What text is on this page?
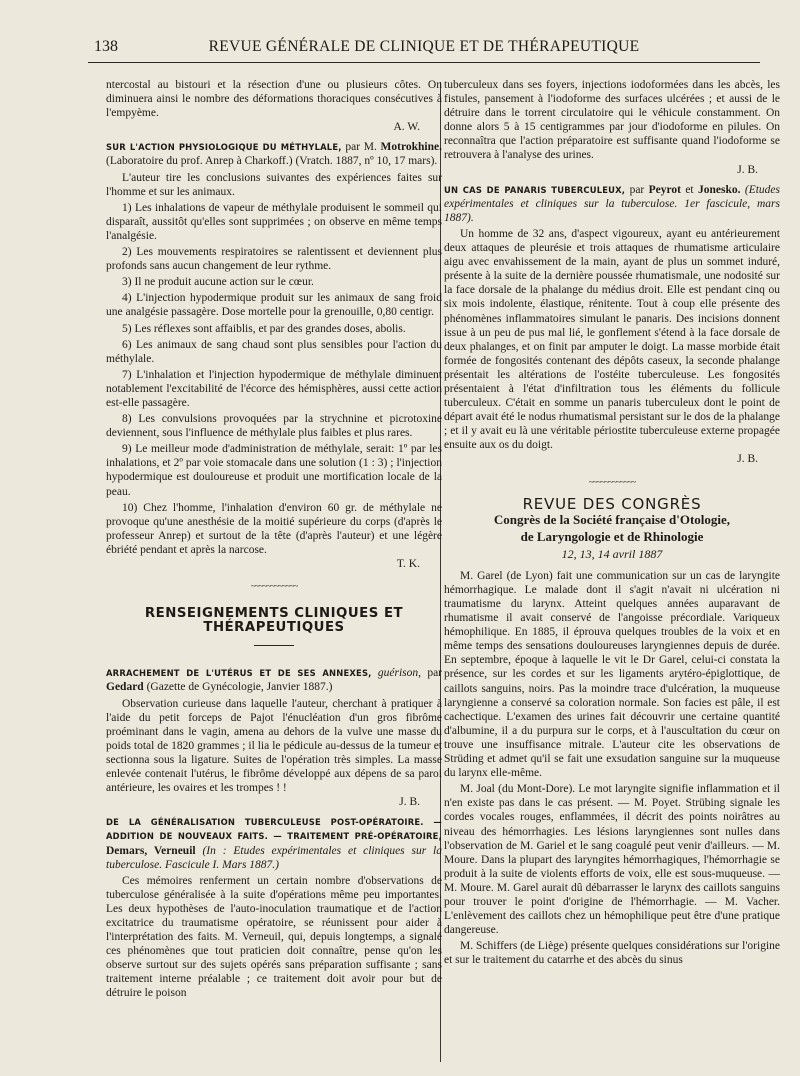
138	REVUE GÉNÉRALE DE CLINIQUE ET DE THÉRAPEUTIQUE

ntercostal au bistouri et la résection d'une ou plusieurs côtes. On diminuera ainsi le nombre des déformations thoraciques consécutives à l'empyème.
A. W.

SUR L'ACTION PHYSIOLOGIQUE DU MÉTHYLALE, par M. Motrokhine. (Laboratoire du prof. Anrep à Charkoff.) (Vratch. 1887, nº 10, 17 mars).

L'auteur tire les conclusions suivantes des expériences faites sur l'homme et sur les animaux.

1) Les inhalations de vapeur de méthylale produisent le sommeil qui disparaît, aussitôt qu'elles sont supprimées ; on observe en même temps l'analgésie.

2) Les mouvements respiratoires se ralentissent et deviennent plus profonds sans aucun changement de leur rythme.

3) Il ne produit aucune action sur le cœur.

4) L'injection hypodermique produit sur les animaux de sang froid une analgésie passagère. Dose mortelle pour la grenouille, 0,80 centigr.

5) Les réflexes sont affaiblis, et par des grandes doses, abolis.

6) Les animaux de sang chaud sont plus sensibles pour l'action du méthylale.

7) L'inhalation et l'injection hypodermique de méthylale diminuent notablement l'excitabilité de l'écorce des hémisphères, aussi cette action est-elle passagère.

8) Les convulsions provoquées par la strychnine et picrotoxine deviennent, sous l'influence de méthylale plus faibles et plus rares.

9) Le meilleur mode d'administration de méthylale, serait: 1º par les inhalations, et 2º par voie stomacale dans une solution (1 : 3) ; l'injection hypodermique est douloureuse et produit une mortification locale de la peau.

10) Chez l'homme, l'inhalation d'environ 60 gr. de méthylale ne provoque qu'une anesthésie de la moitié supérieure du corps (d'après le professeur Anrep) et surtout de la tête (d'après l'auteur) et une légère ébriété pendant et après la narcose.
T. K.

~~~~~~~~~~~~
RENSEIGNEMENTS CLINIQUES ET THÉRAPEUTIQUES

ARRACHEMENT DE L'UTÉRUS ET DE SES ANNEXES, guérison, par Gedard (Gazette de Gynécologie, Janvier 1887.)

Observation curieuse dans laquelle l'auteur, cherchant à pratiquer à l'aide du petit forceps de Pajot l'énucléation d'un gros fibrôme proéminant dans le vagin, amena au dehors de la vulve une masse du poids total de 1820 grammes ; il lia le pédicule au-dessus de la tumeur et sectionna sous la ligature. Suites de l'opération très simples. La masse enlevée contenait l'utérus, le fibrôme développé aux dépens de sa paroi antérieure, les ovaires et les trompes ! !
J. B.

DE LA GÉNÉRALISATION TUBERCULEUSE POST-OPÉRATOIRE. — ADDITION DE NOUVEAUX FAITS. — TRAITEMENT PRÉ-OPÉRATOIRE, Demars, Verneuil (In : Etudes expérimentales et cliniques sur la tuberculose. Fascicule I. Mars 1887.)

Ces mémoires renferment un certain nombre d'observations de tuberculose généralisée à la suite d'opérations même peu importantes. Les deux hypothèses de l'auto-inoculation traumatique et de l'action excitatrice du traumatisme opératoire, se réunissent pour aider à l'interprétation des faits. M. Verneuil, qui, depuis longtemps, a signalé ces phénomènes que tout praticien doit connaître, pense qu'on les observe surtout sur des sujets opérés sans préparation suffisante ; sans traitement interne préalable ; ce traitement doit avoir pour but de détruire le poison

tuberculeux dans ses foyers, injections iodoformées dans les abcès, les fistules, pansement à l'iodoforme des surfaces ulcérées ; et aussi de le détruire dans le torrent circulatoire qui le véhicule constamment. On donne alors 5 à 15 centigrammes par jour d'iodoforme en pilules. On reconnaîtra que l'action préparatoire est suffisante quand l'iodoforme se retrouvera à l'analyse des urines.
J. B.

UN CAS DE PANARIS TUBERCULEUX, par Peyrot et Jonesko. (Etudes expérimentales et cliniques sur la tuberculose. 1er fascicule, mars 1887).

Un homme de 32 ans, d'aspect vigoureux, ayant eu antérieurement deux attaques de pleurésie et trois attaques de rhumatisme articulaire aigu avec envahissement de la main, ayant de plus un sommet induré, présente à la suite de la dernière poussée rhumatismale, une nodosité sur la face dorsale de la phalange du médius droit. Elle est pendant cinq ou six mois indolente, élastique, rénitente. Tout à coup elle présente des phénomènes inflammatoires simulant le panaris. Des incisions donnent issue à un peu de pus mal lié, le gonflement s'étend à la face dorsale de deux phalanges, et on finit par amputer le doigt. La masse morbide était formée de fongosités contenant des dépôts caseux, la seconde phalange présentait les altérations de l'ostéite tuberculeuse. Les fongosités présentaient à l'état d'infiltration tous les éléments du follicule tuberculeux. C'était en somme un panaris tuberculeux dont le point de départ avait été le nodus rhumatismal persistant sur le dos de la phalange ; et il y avait eu là une véritable périostite tuberculeuse externe propagée ensuite aux os du doigt.
J. B.

~~~~~~~~~~~~
REVUE DES CONGRÈS
Congrès de la Société française d'Otologie,
de Laryngologie et de Rhinologie
12, 13, 14 avril 1887

M. Garel (de Lyon) fait une communication sur un cas de laryngite hémorrhagique. Le malade dont il s'agit n'avait ni ulcération ni traumatisme du larynx. Atteint quelques années auparavant de rhumatisme il avait conservé de l'angoisse précordiale. Variqueux hémophilique. En 1885, il éprouva quelques troubles de la voix et en même temps des sensations douloureuses laryngiennes depuis de durée. En septembre, époque à laquelle le vit le Dr Garel, celui-ci constata la présence, sur les cordes et sur les ligaments arytéro-épiglottique, de caillots sanguins, noirs. Pas la moindre trace d'ulcération, la muqueuse laryngienne a conservé sa coloration normale. Son facies est pâle, il est cachectique. L'examen des urines fait découvrir une certaine quantité d'albumine, il a du purpura sur le corps, et à l'auscultation du cœur on trouve une insuffisance mitrale. L'auteur cite les observations de Strüding et admet qu'il se fait une exsudation sanguine sur la muqueuse du larynx elle-même.

M. Joal (du Mont-Dore). Le mot laryngite signifie inflammation et il n'en existe pas dans le cas présent. — M. Poyet. Strübing signale les cordes vocales rouges, enflammées, il décrit des points noirâtres au niveau des hémorrhagies. Les lésions laryngiennes sont nulles dans l'observation de M. Gariel et le sang coagulé peut venir d'ailleurs. — M. Moure. Dans la plupart des laryngites hémorrhagiques, l'hémorrhagie se produit à la suite de violents efforts de voix, elle est sous-muqueuse. — M. Moure. M. Garel aurait dû débarrasser le larynx des caillots sanguins pour trouver le point d'origine de l'hémorrhagie. — M. Vacher. L'enlèvement des caillots chez un hémophilique peut être d'une pratique dangereuse.

M. Schiffers (de Liège) présente quelques considérations sur l'origine et sur le traitement du catarrhe et des abcès du sinus
